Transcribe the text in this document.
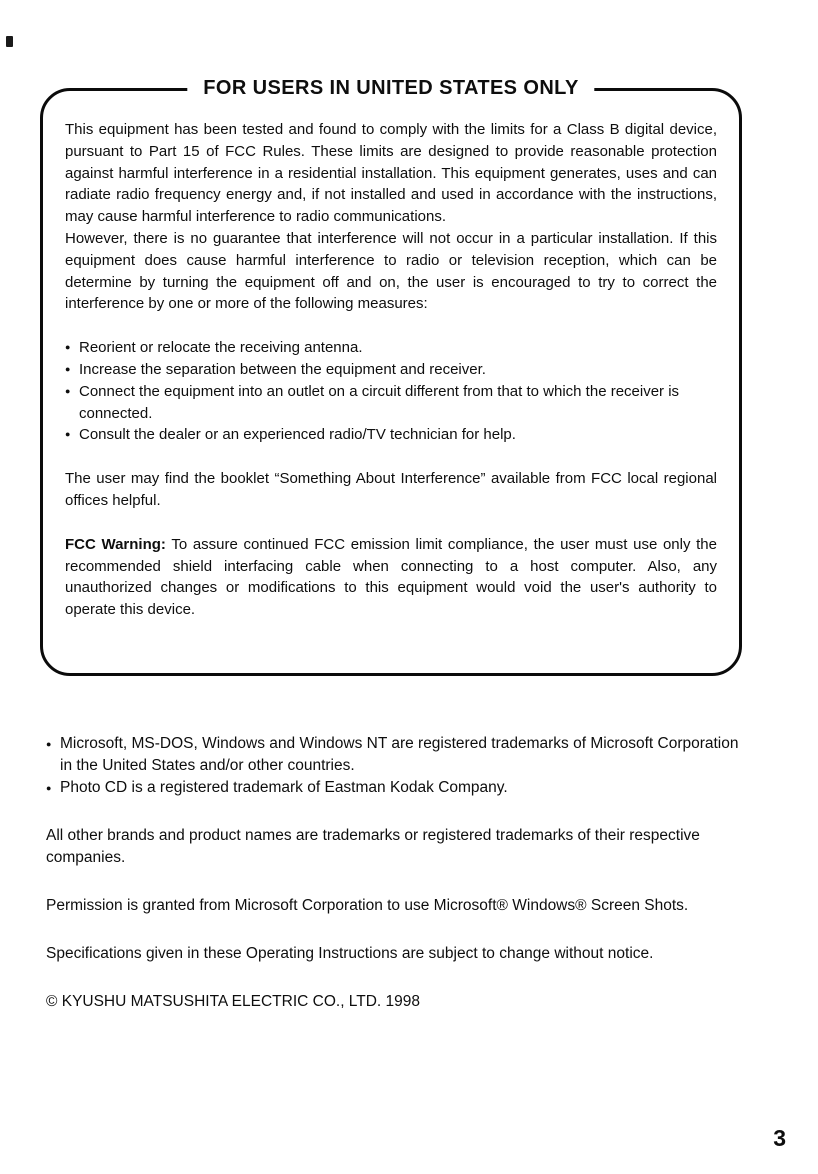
FOR USERS IN UNITED STATES ONLY

This equipment has been tested and found to comply with the limits for a Class B digital device, pursuant to Part 15 of FCC Rules. These limits are designed to provide reasonable protection against harmful interference in a residential installation. This equipment generates, uses and can radiate radio frequency energy and, if not installed and used in accordance with the instructions, may cause harmful interference to radio communications.

However, there is no guarantee that interference will not occur in a particular installation. If this equipment does cause harmful interference to radio or television reception, which can be determine by turning the equipment off and on, the user is encouraged to try to correct the interference by one or more of the following measures:

● Reorient or relocate the receiving antenna.
● Increase the separation between the equipment and receiver.
● Connect the equipment into an outlet on a circuit different from that to which the receiver is connected.
● Consult the dealer or an experienced radio/TV technician for help.

The user may find the booklet “Something About Interference” available from FCC local regional offices helpful.

FCC Warning: To assure continued FCC emission limit compliance, the user must use only the recommended shield interfacing cable when connecting to a host computer. Also, any unauthorized changes or modifications to this equipment would void the user's authority to operate this device.

● Microsoft, MS-DOS, Windows and Windows NT are registered trademarks of Microsoft Corporation in the United States and/or other countries.
● Photo CD is a registered trademark of Eastman Kodak Company.

All other brands and product names are trademarks or registered trademarks of their respective companies.

Permission is granted from Microsoft Corporation to use Microsoft® Windows® Screen Shots.

Specifications given in these Operating Instructions are subject to change without notice.

© KYUSHU MATSUSHITA ELECTRIC CO., LTD. 1998

3
